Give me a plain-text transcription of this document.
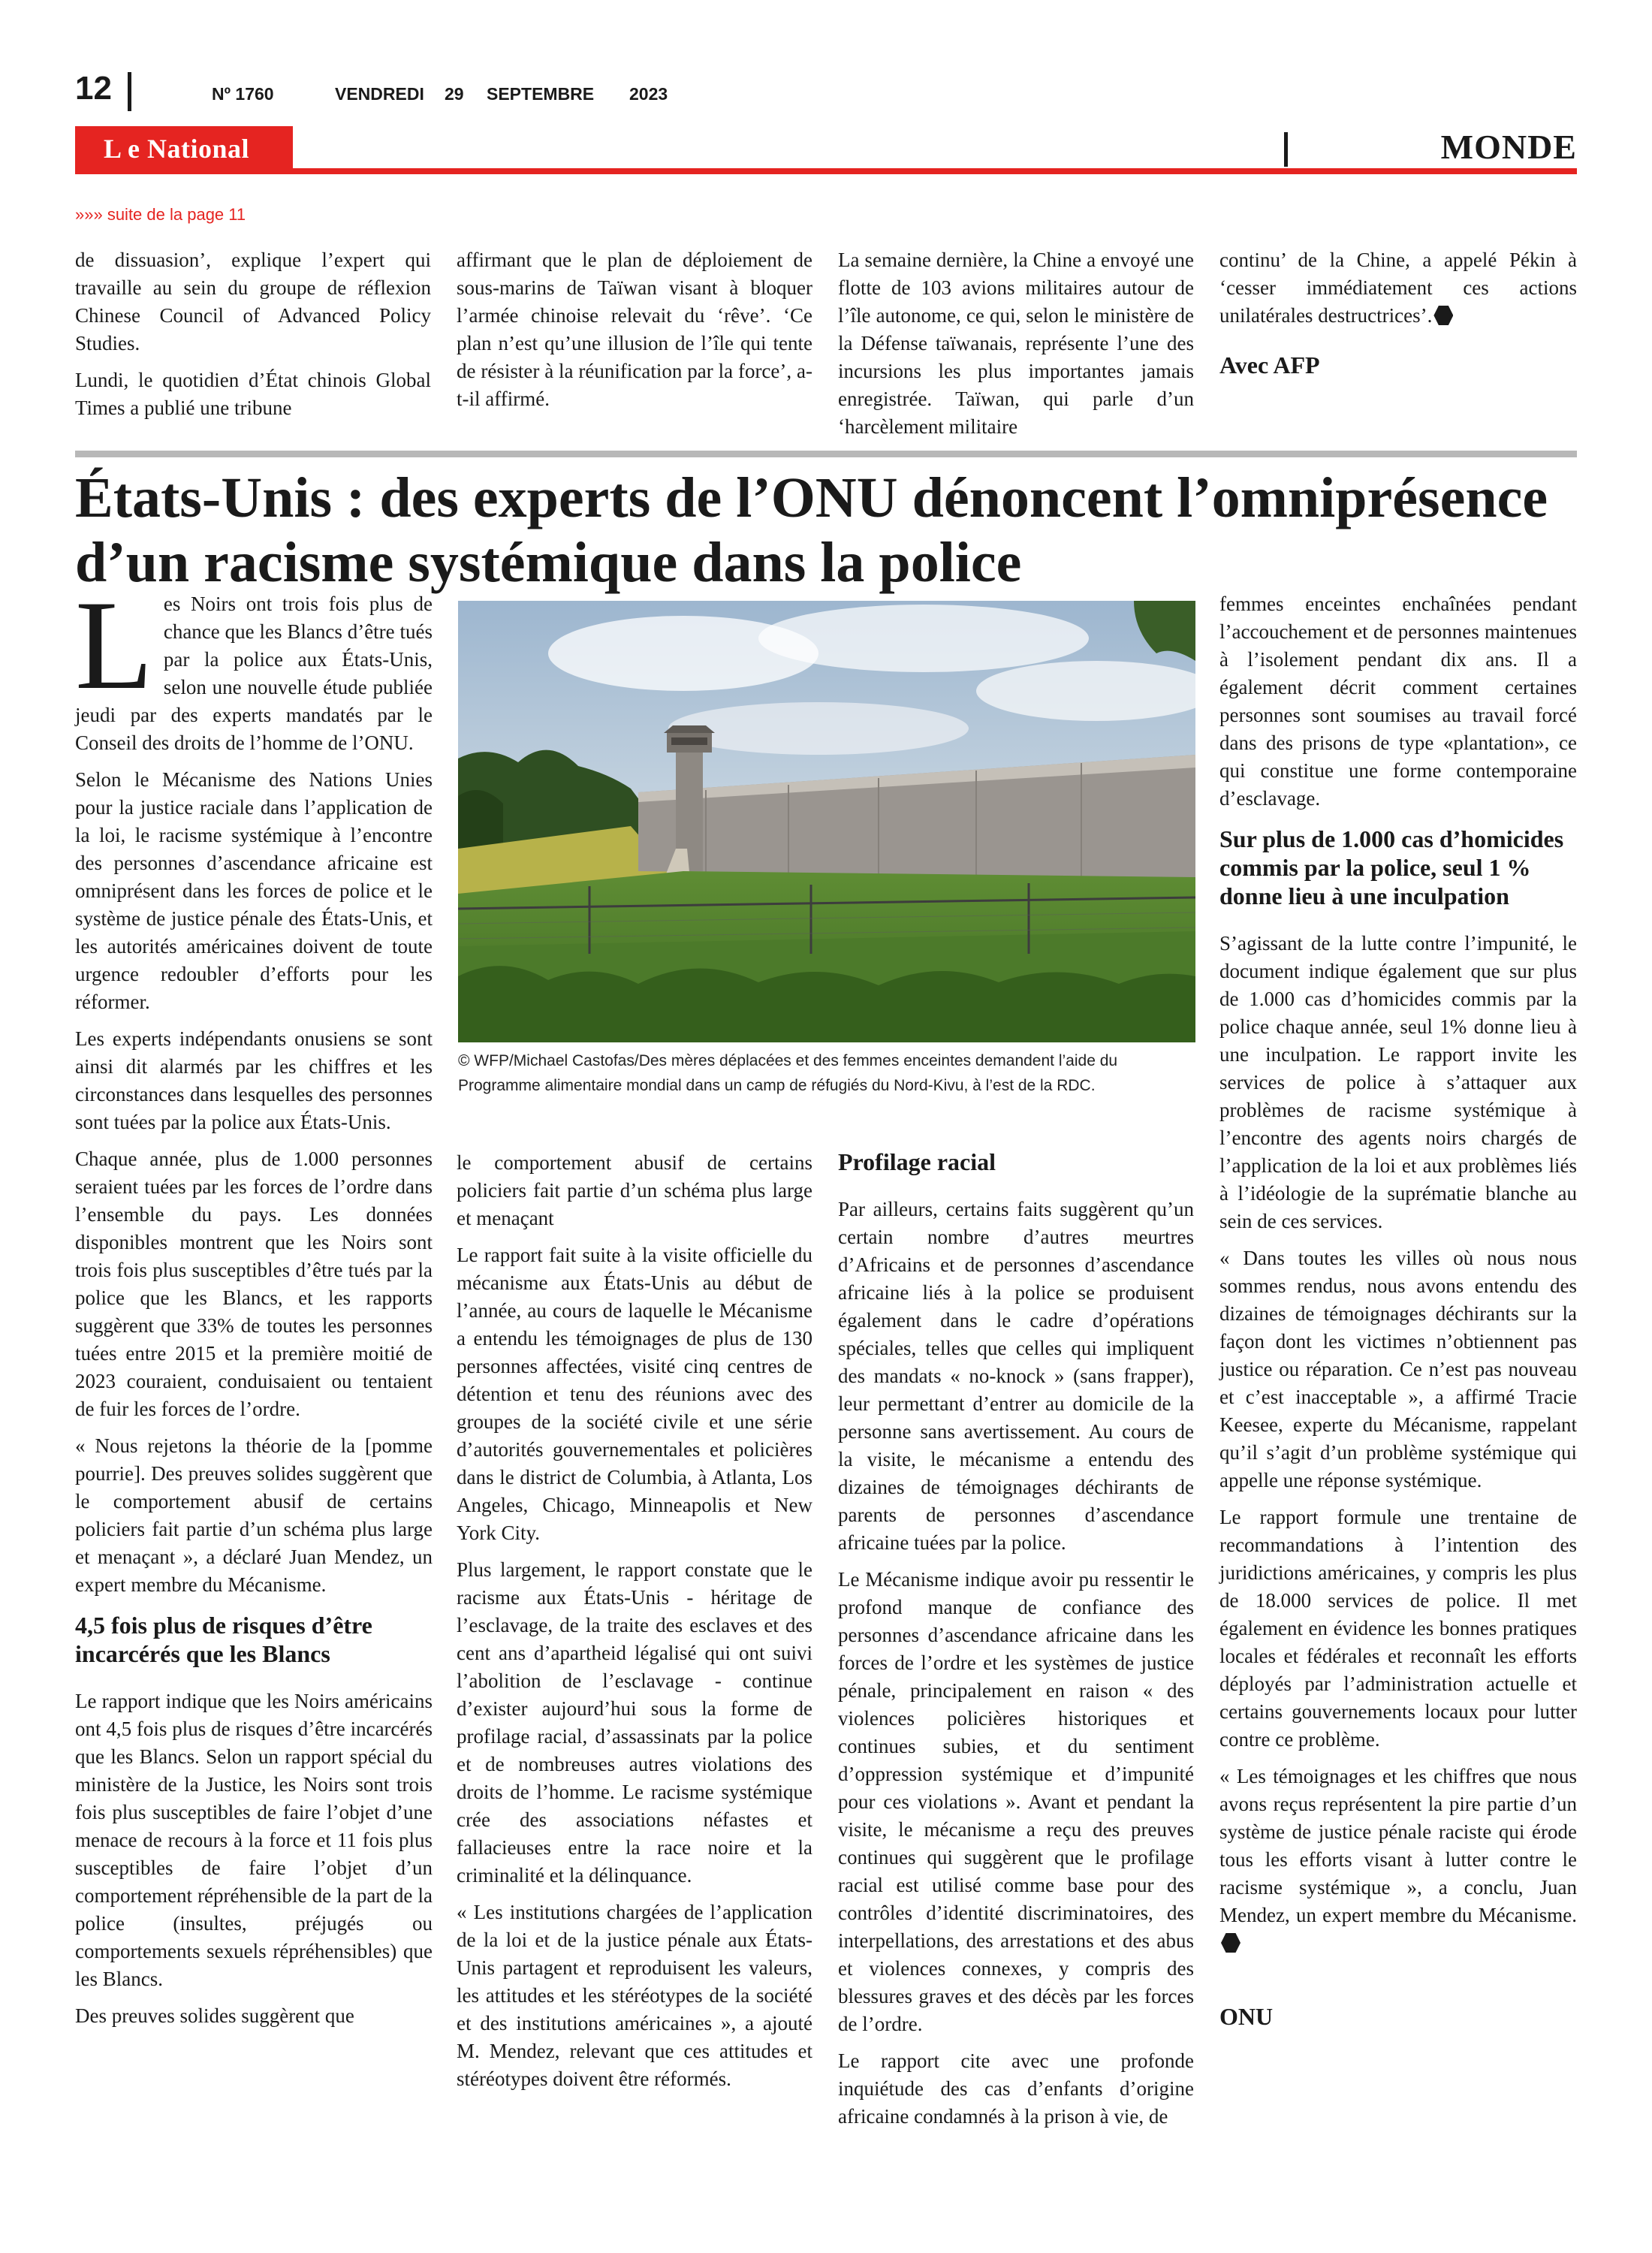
12	Nº 1760	VENDREDI 29 SEPTEMBRE 2023
L e National	MONDE
»»» suite de la page 11

de dissuasion’, explique l’expert qui travaille au sein du groupe de réflexion Chinese Council of Advanced Policy Studies.

Lundi, le quotidien d’État chinois Global Times a publié une tribune

affirmant que le plan de déploiement de sous-marins de Taïwan visant à bloquer l’armée chinoise relevait du ‘rêve’. ‘Ce plan n’est qu’une illusion de l’île qui tente de résister à la réunification par la force’, a-t-il affirmé.

La semaine dernière, la Chine a envoyé une flotte de 103 avions militaires autour de l’île autonome, ce qui, selon le ministère de la Défense taïwanais, représente l’une des incursions les plus importantes jamais enregistrée. Taïwan, qui parle d’un ‘harcèlement militaire

continu’ de la Chine, a appelé Pékin à ‘cesser immédiatement ces actions unilatérales destructrices’.

Avec AFP
États-Unis : des experts de l’ONU dénoncent l’omniprésence d’un racisme systémique dans la police

Les Noirs ont trois fois plus de chance que les Blancs d’être tués par la police aux États-Unis, selon une nouvelle étude publiée jeudi par des experts mandatés par le Conseil des droits de l’homme de l’ONU.

Selon le Mécanisme des Nations Unies pour la justice raciale dans l’application de la loi, le racisme systémique à l’encontre des personnes d’ascendance africaine est omniprésent dans les forces de police et le système de justice pénale des États-Unis, et les autorités américaines doivent de toute urgence redoubler d’efforts pour les réformer.

Les experts indépendants onusiens se sont ainsi dit alarmés par les chiffres et les circonstances dans lesquelles des personnes sont tuées par la police aux États-Unis.

Chaque année, plus de 1.000 personnes seraient tuées par les forces de l’ordre dans l’ensemble du pays. Les données disponibles montrent que les Noirs sont trois fois plus susceptibles d’être tués par la police que les Blancs, et les rapports suggèrent que 33% de toutes les personnes tuées entre 2015 et la première moitié de 2023 couraient, conduisaient ou tentaient de fuir les forces de l’ordre.

« Nous rejetons la théorie de la [pomme pourrie]. Des preuves solides suggèrent que le comportement abusif de certains policiers fait partie d’un schéma plus large et menaçant », a déclaré Juan Mendez, un expert membre du Mécanisme.

4,5 fois plus de risques d’être incarcérés que les Blancs

Le rapport indique que les Noirs américains ont 4,5 fois plus de risques d’être incarcérés que les Blancs. Selon un rapport spécial du ministère de la Justice, les Noirs sont trois fois plus susceptibles de faire l’objet d’une menace de recours à la force et 11 fois plus susceptibles de faire l’objet d’un comportement répréhensible de la part de la police (insultes, préjugés ou comportements sexuels répréhensibles) que les Blancs.

Des preuves solides suggèrent que

© WFP/Michael Castofas/Des mères déplacées et des femmes enceintes demandent l’aide du Programme alimentaire mondial dans un camp de réfugiés du Nord-Kivu, à l’est de la RDC.

le comportement abusif de certains policiers fait partie d’un schéma plus large et menaçant

Le rapport fait suite à la visite officielle du mécanisme aux États-Unis au début de l’année, au cours de laquelle le Mécanisme a entendu les témoignages de plus de 130 personnes affectées, visité cinq centres de détention et tenu des réunions avec des groupes de la société civile et une série d’autorités gouvernementales et policières dans le district de Columbia, à Atlanta, Los Angeles, Chicago, Minneapolis et New York City.

Plus largement, le rapport constate que le racisme aux États-Unis - héritage de l’esclavage, de la traite des esclaves et des cent ans d’apartheid légalisé qui ont suivi l’abolition de l’esclavage - continue d’exister aujourd’hui sous la forme de profilage racial, d’assassinats par la police et de nombreuses autres violations des droits de l’homme. Le racisme systémique crée des associations néfastes et fallacieuses entre la race noire et la criminalité et la délinquance.

« Les institutions chargées de l’application de la loi et de la justice pénale aux États-Unis partagent et reproduisent les valeurs, les attitudes et les stéréotypes de la société et des institutions américaines », a ajouté M. Mendez, relevant que ces attitudes et stéréotypes doivent être réformés.

Profilage racial

Par ailleurs, certains faits suggèrent qu’un certain nombre d’autres meurtres d’Africains et de personnes d’ascendance africaine liés à la police se produisent également dans le cadre d’opérations spéciales, telles que celles qui impliquent des mandats « no-knock » (sans frapper), leur permettant d’entrer au domicile de la personne sans avertissement. Au cours de la visite, le mécanisme a entendu des dizaines de témoignages déchirants de parents de personnes d’ascendance africaine tuées par la police.

Le Mécanisme indique avoir pu ressentir le profond manque de confiance des personnes d’ascendance africaine dans les forces de l’ordre et les systèmes de justice pénale, principalement en raison « des violences policières historiques et continues subies, et du sentiment d’oppression systémique et d’impunité pour ces violations ». Avant et pendant la visite, le mécanisme a reçu des preuves continues qui suggèrent que le profilage racial est utilisé comme base pour des contrôles d’identité discriminatoires, des interpellations, des arrestations et des abus et violences connexes, y compris des blessures graves et des décès par les forces de l’ordre.

Le rapport cite avec une profonde inquiétude des cas d’enfants d’origine africaine condamnés à la prison à vie, de

femmes enceintes enchaînées pendant l’accouchement et de personnes maintenues à l’isolement pendant dix ans. Il a également décrit comment certaines personnes sont soumises au travail forcé dans des prisons de type «plantation», ce qui constitue une forme contemporaine d’esclavage.

Sur plus de 1.000 cas d’homicides commis par la police, seul 1 % donne lieu à une inculpation

S’agissant de la lutte contre l’impunité, le document indique également que sur plus de 1.000 cas d’homicides commis par la police chaque année, seul 1% donne lieu à une inculpation. Le rapport invite les services de police à s’attaquer aux problèmes de racisme systémique à l’encontre des agents noirs chargés de l’application de la loi et aux problèmes liés à l’idéologie de la suprématie blanche au sein de ces services.

« Dans toutes les villes où nous nous sommes rendus, nous avons entendu des dizaines de témoignages déchirants sur la façon dont les victimes n’obtiennent pas justice ou réparation. Ce n’est pas nouveau et c’est inacceptable », a affirmé Tracie Keesee, experte du Mécanisme, rappelant qu’il s’agit d’un problème systémique qui appelle une réponse systémique.

Le rapport formule une trentaine de recommandations à l’intention des juridictions américaines, y compris les plus de 18.000 services de police. Il met également en évidence les bonnes pratiques locales et fédérales et reconnaît les efforts déployés par l’administration actuelle et certains gouvernements locaux pour lutter contre ce problème.

« Les témoignages et les chiffres que nous avons reçus représentent la pire partie d’un système de justice pénale raciste qui érode tous les efforts visant à lutter contre le racisme systémique », a conclu, Juan Mendez, un expert membre du Mécanisme.

ONU
